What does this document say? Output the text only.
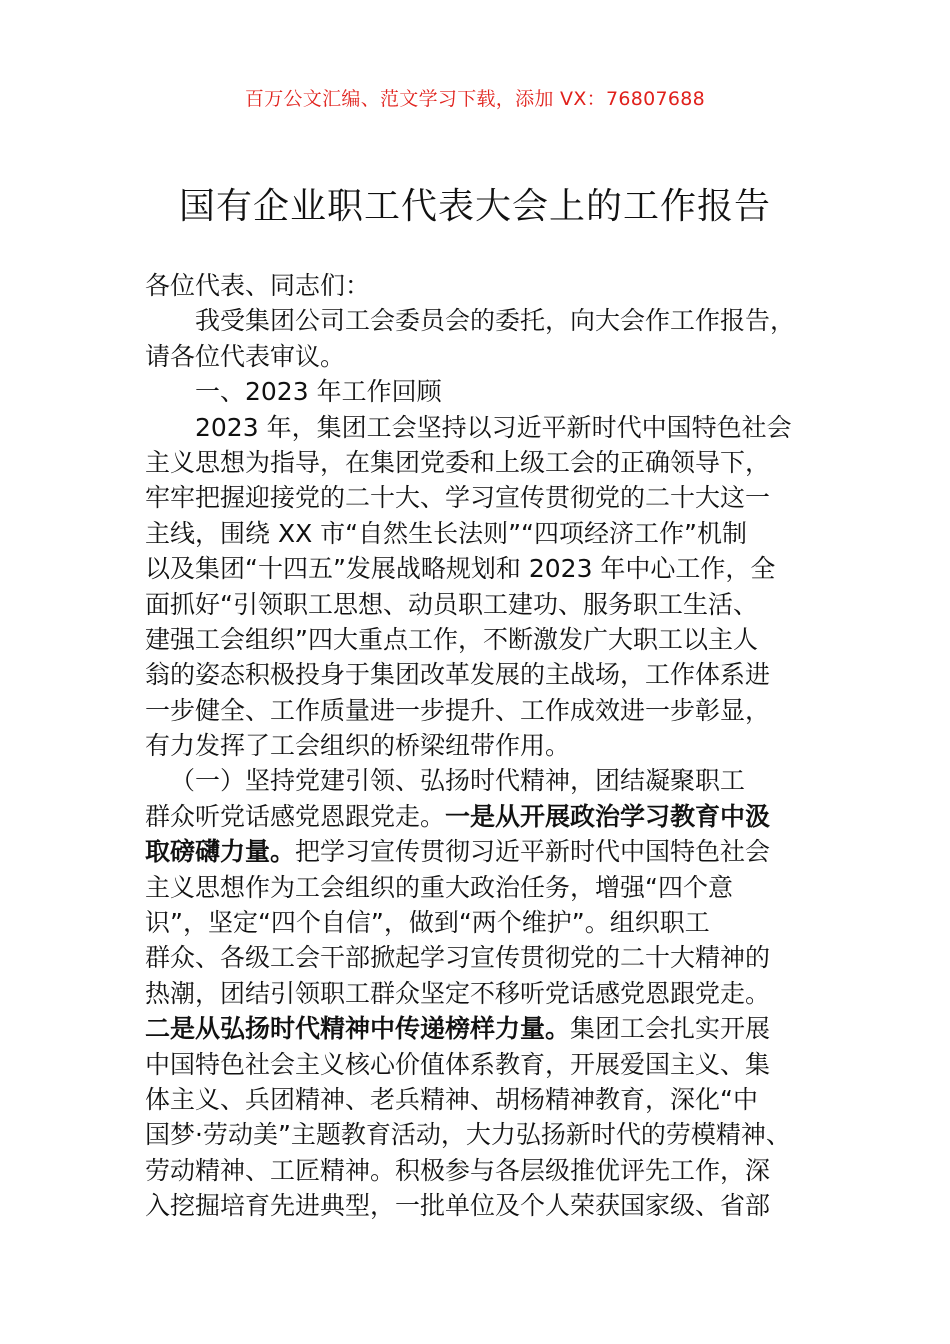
百万公文汇编、范文学习下载，添加 VX：76807688
国有企业职工代表大会上的工作报告
各位代表、同志们：
我受集团公司工会委员会的委托，向大会作工作报告，
请各位代表审议。
一、2023 年工作回顾
2023 年，集团工会坚持以习近平新时代中国特色社会
主义思想为指导，在集团党委和上级工会的正确领导下，
牢牢把握迎接党的二十大、学习宣传贯彻党的二十大这一
主线，围绕 XX 市“自然生长法则”“四项经济工作”机制
以及集团“十四五”发展战略规划和 2023 年中心工作，全
面抓好“引领职工思想、动员职工建功、服务职工生活、
建强工会组织”四大重点工作，不断激发广大职工以主人
翁的姿态积极投身于集团改革发展的主战场，工作体系进
一步健全、工作质量进一步提升、工作成效进一步彰显，
有力发挥了工会组织的桥梁纽带作用。
（一）坚持党建引领、弘扬时代精神，团结凝聚职工
群众听党话感党恩跟党走。一是从开展政治学习教育中汲
取磅礴力量。把学习宣传贯彻习近平新时代中国特色社会
主义思想作为工会组织的重大政治任务，增强“四个意
识”，坚定“四个自信”，做到“两个维护”。组织职工
群众、各级工会干部掀起学习宣传贯彻党的二十大精神的
热潮，团结引领职工群众坚定不移听党话感党恩跟党走。
二是从弘扬时代精神中传递榜样力量。集团工会扎实开展
中国特色社会主义核心价值体系教育，开展爱国主义、集
体主义、兵团精神、老兵精神、胡杨精神教育，深化“中
国梦·劳动美”主题教育活动，大力弘扬新时代的劳模精神、
劳动精神、工匠精神。积极参与各层级推优评先工作，深
入挖掘培育先进典型，一批单位及个人荣获国家级、省部
